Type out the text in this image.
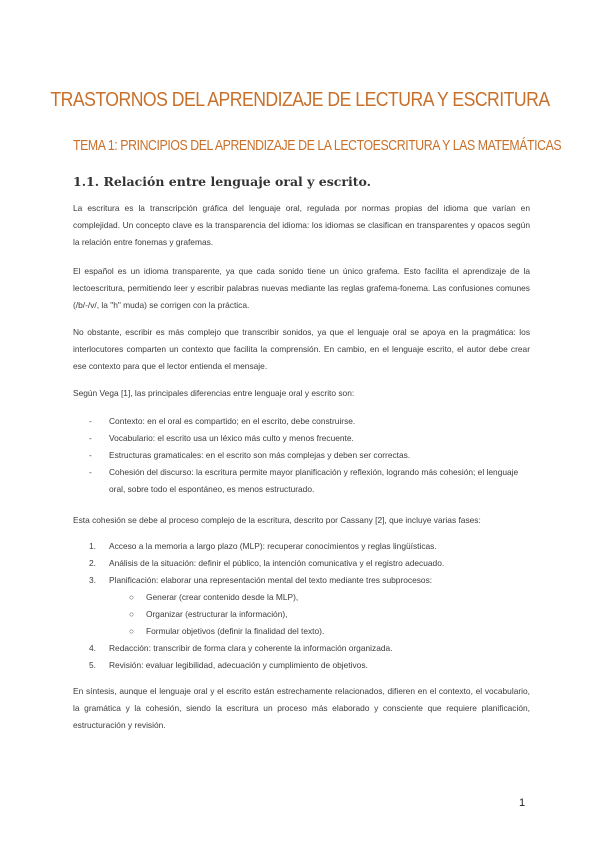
TRASTORNOS DEL APRENDIZAJE DE LECTURA Y ESCRITURA
TEMA 1: PRINCIPIOS DEL APRENDIZAJE DE LA LECTOESCRITURA Y LAS MATEMÁTICAS
1.1. Relación entre lenguaje oral y escrito.
La escritura es la transcripción gráfica del lenguaje oral, regulada por normas propias del idioma que varían en complejidad. Un concepto clave es la transparencia del idioma: los idiomas se clasifican en transparentes y opacos según la relación entre fonemas y grafemas.
El español es un idioma transparente, ya que cada sonido tiene un único grafema. Esto facilita el aprendizaje de la lectoescritura, permitiendo leer y escribir palabras nuevas mediante las reglas grafema-fonema. Las confusiones comunes (/b/-/v/, la "h" muda) se corrigen con la práctica.
No obstante, escribir es más complejo que transcribir sonidos, ya que el lenguaje oral se apoya en la pragmática: los interlocutores comparten un contexto que facilita la comprensión. En cambio, en el lenguaje escrito, el autor debe crear ese contexto para que el lector entienda el mensaje.
Según Vega [1], las principales diferencias entre lenguaje oral y escrito son:
- Contexto: en el oral es compartido; en el escrito, debe construirse.
- Vocabulario: el escrito usa un léxico más culto y menos frecuente.
- Estructuras gramaticales: en el escrito son más complejas y deben ser correctas.
- Cohesión del discurso: la escritura permite mayor planificación y reflexión, logrando más cohesión; el lenguaje oral, sobre todo el espontáneo, es menos estructurado.
Esta cohesión se debe al proceso complejo de la escritura, descrito por Cassany [2], que incluye varias fases:
1. Acceso a la memoria a largo plazo (MLP): recuperar conocimientos y reglas lingüísticas.
2. Análisis de la situación: definir el público, la intención comunicativa y el registro adecuado.
3. Planificación: elaborar una representación mental del texto mediante tres subprocesos:
○ Generar (crear contenido desde la MLP),
○ Organizar (estructurar la información),
○ Formular objetivos (definir la finalidad del texto).
4. Redacción: transcribir de forma clara y coherente la información organizada.
5. Revisión: evaluar legibilidad, adecuación y cumplimiento de objetivos.
En síntesis, aunque el lenguaje oral y el escrito están estrechamente relacionados, difieren en el contexto, el vocabulario, la gramática y la cohesión, siendo la escritura un proceso más elaborado y consciente que requiere planificación, estructuración y revisión.
1
